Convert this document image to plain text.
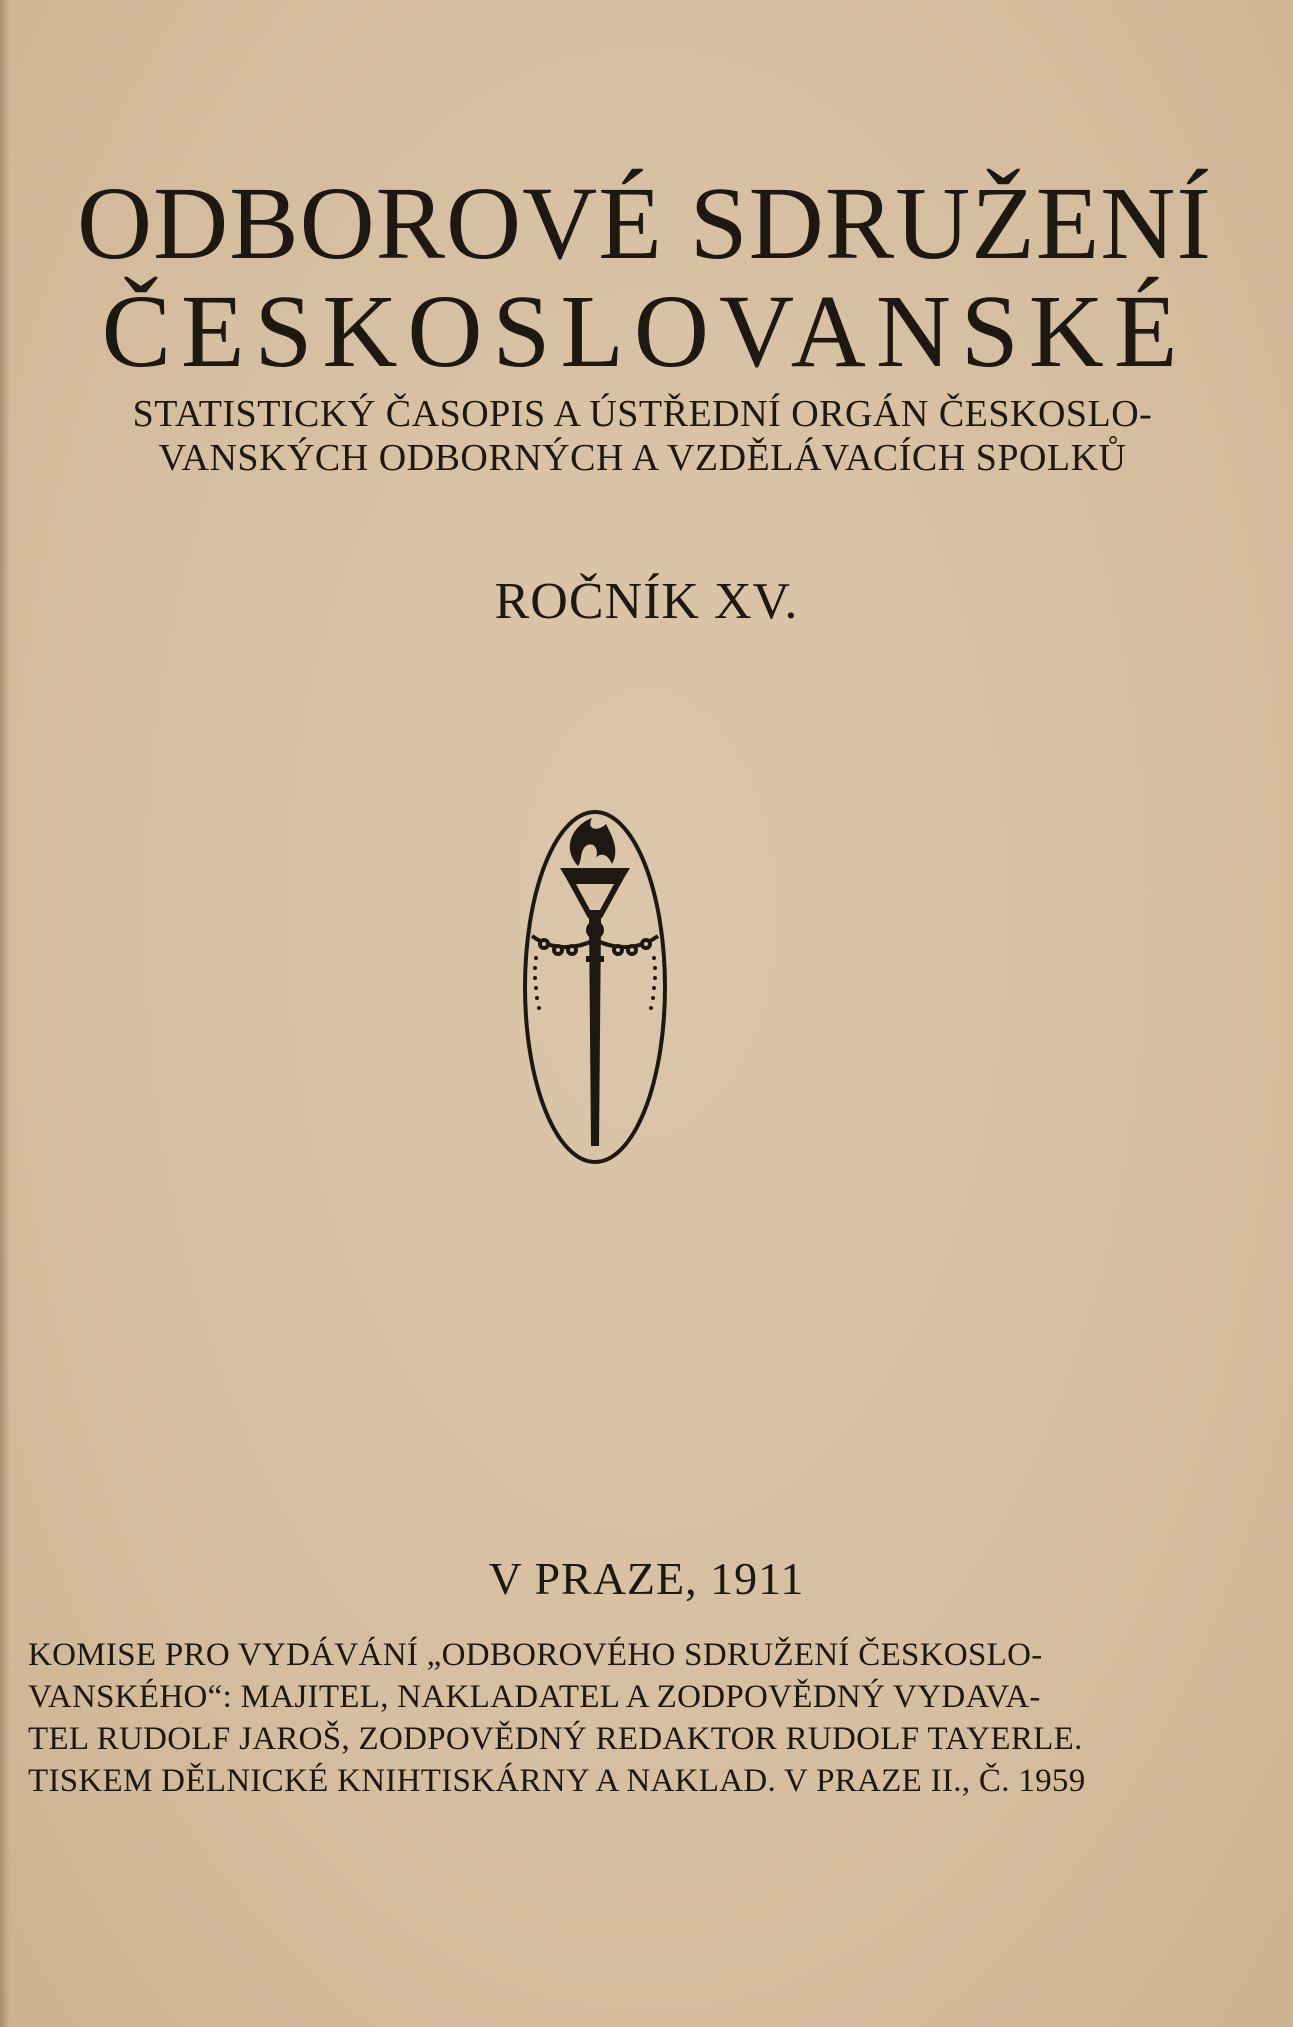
ODBOROVÉ SDRUŽENÍ
ČESKOSLOVANSKÉ
STATISTICKÝ ČASOPIS A ÚSTŘEDNÍ ORGÁN ČESKOSLO-
VANSKÝCH ODBORNÝCH A VZDĚLÁVACÍCH SPOLKŮ
ROČNÍK XV.
V PRAZE, 1911
KOMISE PRO VYDÁVÁNÍ „ODBOROVÉHO SDRUŽENÍ ČESKOSLO-
VANSKÉHO“: MAJITEL, NAKLADATEL A ZODPOVĚDNÝ VYDAVA-
TEL RUDOLF JAROŠ, ZODPOVĚDNÝ REDAKTOR RUDOLF TAYERLE.
TISKEM DĚLNICKÉ KNIHTISKÁRNY A NAKLAD. V PRAZE II., Č. 1959
